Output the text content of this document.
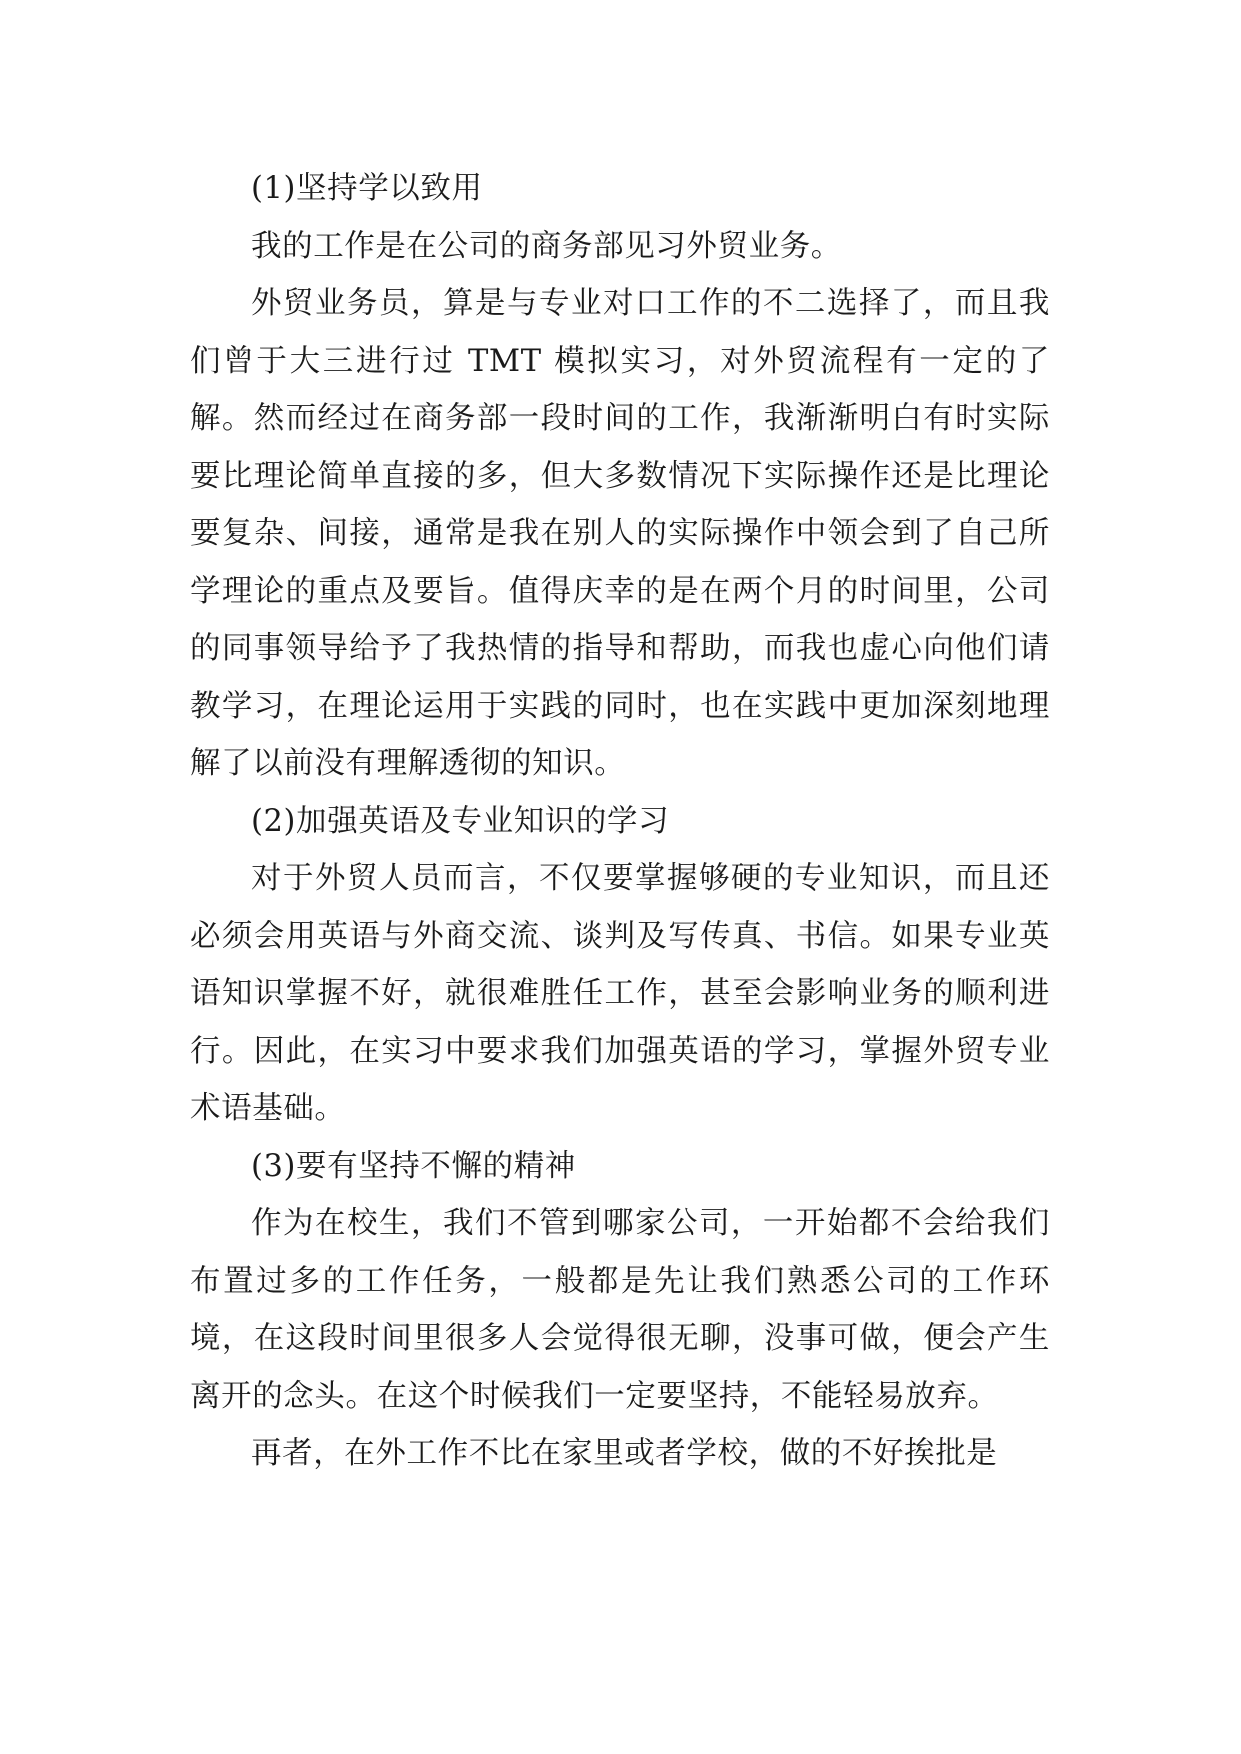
(1)坚持学以致用

我的工作是在公司的商务部见习外贸业务。

外贸业务员，算是与专业对口工作的不二选择了，而且我们曾于大三进行过 TMT 模拟实习，对外贸流程有一定的了解。然而经过在商务部一段时间的工作，我渐渐明白有时实际要比理论简单直接的多，但大多数情况下实际操作还是比理论要复杂、间接，通常是我在别人的实际操作中领会到了自己所学理论的重点及要旨。值得庆幸的是在两个月的时间里，公司的同事领导给予了我热情的指导和帮助，而我也虚心向他们请教学习，在理论运用于实践的同时，也在实践中更加深刻地理解了以前没有理解透彻的知识。

(2)加强英语及专业知识的学习

对于外贸人员而言，不仅要掌握够硬的专业知识，而且还必须会用英语与外商交流、谈判及写传真、书信。如果专业英语知识掌握不好，就很难胜任工作，甚至会影响业务的顺利进行。因此，在实习中要求我们加强英语的学习，掌握外贸专业术语基础。

(3)要有坚持不懈的精神

作为在校生，我们不管到哪家公司，一开始都不会给我们布置过多的工作任务，一般都是先让我们熟悉公司的工作环境，在这段时间里很多人会觉得很无聊，没事可做，便会产生离开的念头。在这个时候我们一定要坚持，不能轻易放弃。

再者，在外工作不比在家里或者学校，做的不好挨批是
